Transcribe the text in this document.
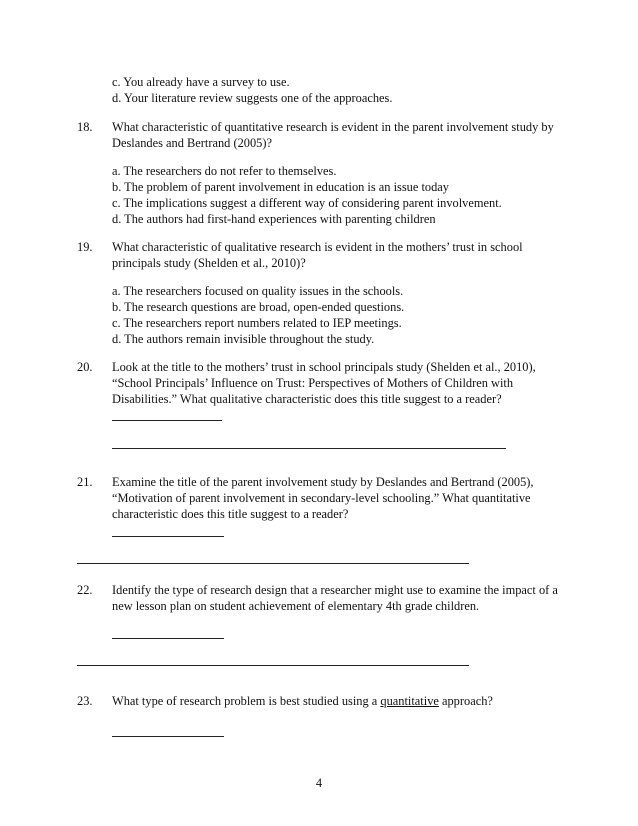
c. You already have a survey to use.
d. Your literature review suggests one of the approaches.
18. What characteristic of quantitative research is evident in the parent involvement study by
Deslandes and Bertrand (2005)?
a. The researchers do not refer to themselves.
b. The problem of parent involvement in education is an issue today
c. The implications suggest a different way of considering parent involvement.
d. The authors had first-hand experiences with parenting children
19. What characteristic of qualitative research is evident in the mothers’ trust in school
principals study (Shelden et al., 2010)?
a. The researchers focused on quality issues in the schools.
b. The research questions are broad, open-ended questions.
c. The researchers report numbers related to IEP meetings.
d. The authors remain invisible throughout the study.
20. Look at the title to the mothers’ trust in school principals study (Shelden et al., 2010),
“School Principals’ Influence on Trust: Perspectives of Mothers of Children with
Disabilities.” What qualitative characteristic does this title suggest to a reader?
21. Examine the title of the parent involvement study by Deslandes and Bertrand (2005),
“Motivation of parent involvement in secondary-level schooling.” What quantitative
characteristic does this title suggest to a reader?
22. Identify the type of research design that a researcher might use to examine the impact of a
new lesson plan on student achievement of elementary 4th grade children.
23. What type of research problem is best studied using a quantitative approach?
4
